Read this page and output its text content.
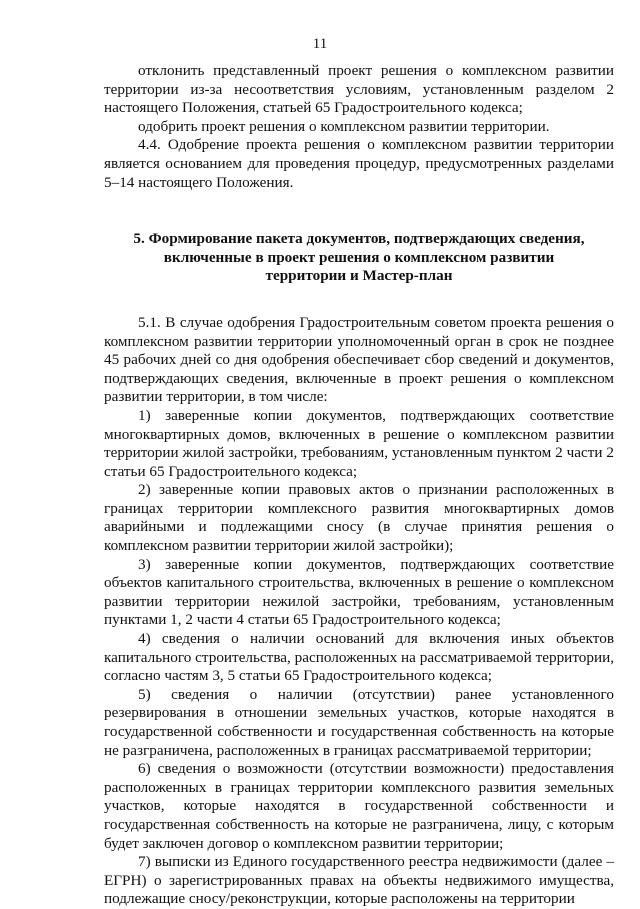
11

отклонить представленный проект решения о комплексном развитии территории из-за несоответствия условиям, установленным разделом 2 настоящего Положения, статьей 65 Градостроительного кодекса;

одобрить проект решения о комплексном развитии территории.

4.4. Одобрение проекта решения о комплексном развитии территории является основанием для проведения процедур, предусмотренных разделами 5–14 настоящего Положения.

5. Формирование пакета документов, подтверждающих сведения,
включенные в проект решения о комплексном развитии
территории и Мастер-план

5.1. В случае одобрения Градостроительным советом проекта решения о комплексном развитии территории уполномоченный орган в срок не позднее 45 рабочих дней со дня одобрения обеспечивает сбор сведений и документов, подтверждающих сведения, включенные в проект решения о комплексном развитии территории, в том числе:

1) заверенные копии документов, подтверждающих соответствие многоквартирных домов, включенных в решение о комплексном развитии территории жилой застройки, требованиям, установленным пунктом 2 части 2 статьи 65 Градостроительного кодекса;

2) заверенные копии правовых актов о признании расположенных в границах территории комплексного развития многоквартирных домов аварийными и подлежащими сносу (в случае принятия решения о комплексном развитии территории жилой застройки);

3) заверенные копии документов, подтверждающих соответствие объектов капитального строительства, включенных в решение о комплексном развитии территории нежилой застройки, требованиям, установленным пунктами 1, 2 части 4 статьи 65 Градостроительного кодекса;

4) сведения о наличии оснований для включения иных объектов капитального строительства, расположенных на рассматриваемой территории, согласно частям 3, 5 статьи 65 Градостроительного кодекса;

5) сведения о наличии (отсутствии) ранее установленного резервирования в отношении земельных участков, которые находятся в государственной собственности и государственная собственность на которые не разграничена, расположенных в границах рассматриваемой территории;

6) сведения о возможности (отсутствии возможности) предоставления расположенных в границах территории комплексного развития земельных участков, которые находятся в государственной собственности и государственная собственность на которые не разграничена, лицу, с которым будет заключен договор о комплексном развитии территории;

7) выписки из Единого государственного реестра недвижимости (далее – ЕГРН) о зарегистрированных правах на объекты недвижимого имущества, подлежащие сносу/реконструкции, которые расположены на территории
